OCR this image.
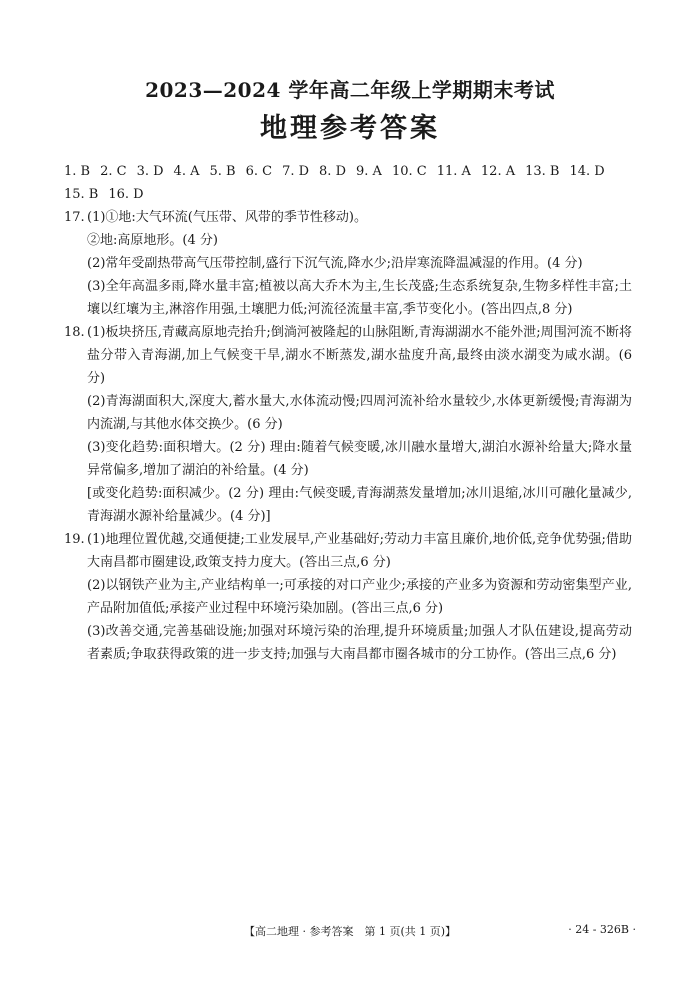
2023—2024 学年高二年级上学期期末考试
地理参考答案
1. B 2. C 3. D 4. A 5. B 6. C 7. D 8. D 9. A 10. C 11. A 12. A 13. B 14. D
15. B 16. D
17. (1)①地:大气环流(气压带、风带的季节性移动)。

②地:高原地形。(4 分)

(2)常年受副热带高气压带控制,盛行下沉气流,降水少;沿岸寒流降温减湿的作用。(4 分)

(3)全年高温多雨,降水量丰富;植被以高大乔木为主,生长茂盛;生态系统复杂,生物多样性丰富;土壤以红壤为主,淋溶作用强,土壤肥力低;河流径流量丰富,季节变化小。(答出四点,8 分)

18. (1)板块挤压,青藏高原地壳抬升;倒淌河被隆起的山脉阻断,青海湖湖水不能外泄;周围河流不断将盐分带入青海湖,加上气候变干旱,湖水不断蒸发,湖水盐度升高,最终由淡水湖变为咸水湖。(6 分)

(2)青海湖面积大,深度大,蓄水量大,水体流动慢;四周河流补给水量较少,水体更新缓慢;青海湖为内流湖,与其他水体交换少。(6 分)

(3)变化趋势:面积增大。(2 分) 理由:随着气候变暖,冰川融水量增大,湖泊水源补给量大;降水量异常偏多,增加了湖泊的补给量。(4 分)

[或变化趋势:面积减少。(2 分) 理由:气候变暖,青海湖蒸发量增加;冰川退缩,冰川可融化量减少,青海湖水源补给量减少。(4 分)]

19. (1)地理位置优越,交通便捷;工业发展早,产业基础好;劳动力丰富且廉价,地价低,竞争优势强;借助大南昌都市圈建设,政策支持力度大。(答出三点,6 分)

(2)以钢铁产业为主,产业结构单一;可承接的对口产业少;承接的产业多为资源和劳动密集型产业,产品附加值低;承接产业过程中环境污染加剧。(答出三点,6 分)

(3)改善交通,完善基础设施;加强对环境污染的治理,提升环境质量;加强人才队伍建设,提高劳动者素质;争取获得政策的进一步支持;加强与大南昌都市圈各城市的分工协作。(答出三点,6 分)

【高二地理 · 参考答案　第 1 页(共 1 页)】	· 24 - 326B ·
